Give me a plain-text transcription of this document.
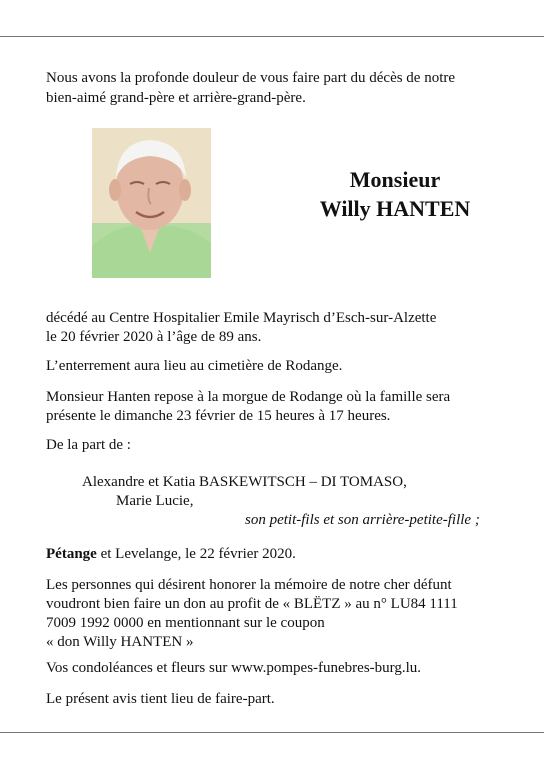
Nous avons la profonde douleur de vous faire part du décès de notre
bien-aimé grand-père et arrière-grand-père.
Monsieur
Willy HANTEN
décédé au Centre Hospitalier Emile Mayrisch d’Esch-sur-Alzette
le 20 février 2020 à l’âge de 89 ans.
L’enterrement aura lieu au cimetière de Rodange.
Monsieur Hanten repose à la morgue de Rodange où la famille sera
présente le dimanche 23 février de 15 heures à 17 heures.
De la part de :
Alexandre et Katia BASKEWITSCH – DI TOMASO,
Marie Lucie,
son petit-fils et son arrière-petite-fille ;
Pétange et Levelange, le 22 février 2020.
Les personnes qui désirent honorer la mémoire de notre cher défunt
voudront bien faire un don au profit de « BLËTZ » au n° LU84 1111
7009 1992 0000 en mentionnant sur le coupon
« don Willy HANTEN »
Vos condoléances et fleurs sur www.pompes-funebres-burg.lu.
Le présent avis tient lieu de faire-part.
